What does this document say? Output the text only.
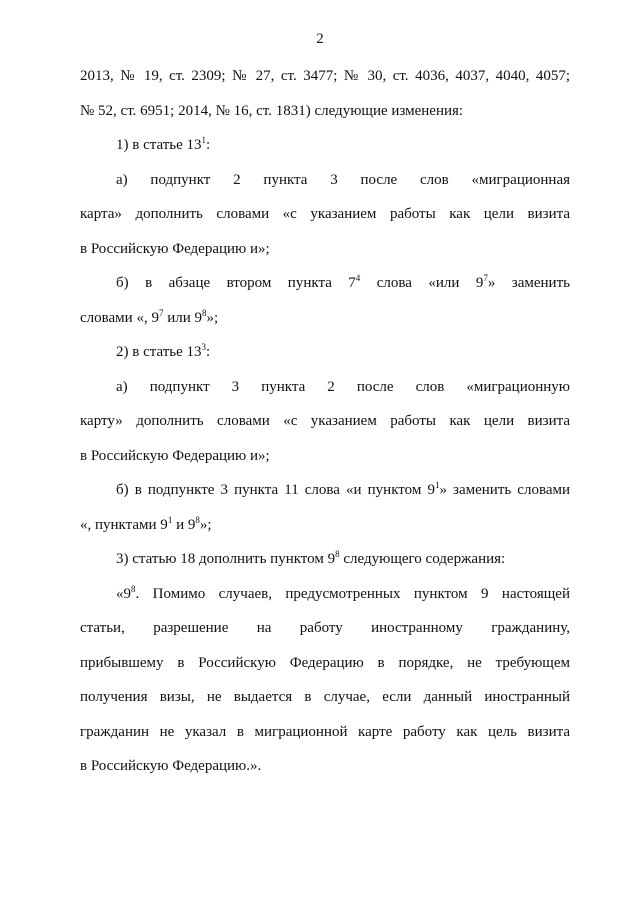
2
2013, № 19, ст. 2309; № 27, ст. 3477; № 30, ст. 4036, 4037, 4040, 4057;
№ 52, ст. 6951; 2014, № 16, ст. 1831) следующие изменения:
1) в статье $13^1$:
а) подпункт 2 пункта 3 после слов «миграционная
карта» дополнить словами «с указанием работы как цели визита
в Российскую Федерацию и»;
б) в абзаце втором пункта $7^4$ слова «или $9^7$» заменить
словами «, $9^7$ или $9^8$»;
2) в статье $13^3$:
а) подпункт 3 пункта 2 после слов «миграционную
карту» дополнить словами «с указанием работы как цели визита
в Российскую Федерацию и»;
б) в подпункте 3 пункта 11 слова «и пунктом $9^1$» заменить словами
«, пунктами $9^1$ и $9^8$»;
3) статью 18 дополнить пунктом $9^8$ следующего содержания:
«$9^8$. Помимо случаев, предусмотренных пунктом 9 настоящей
статьи, разрешение на работу иностранному гражданину,
прибывшему в Российскую Федерацию в порядке, не требующем
получения визы, не выдается в случае, если данный иностранный
гражданин не указал в миграционной карте работу как цель визита
в Российскую Федерацию.».
